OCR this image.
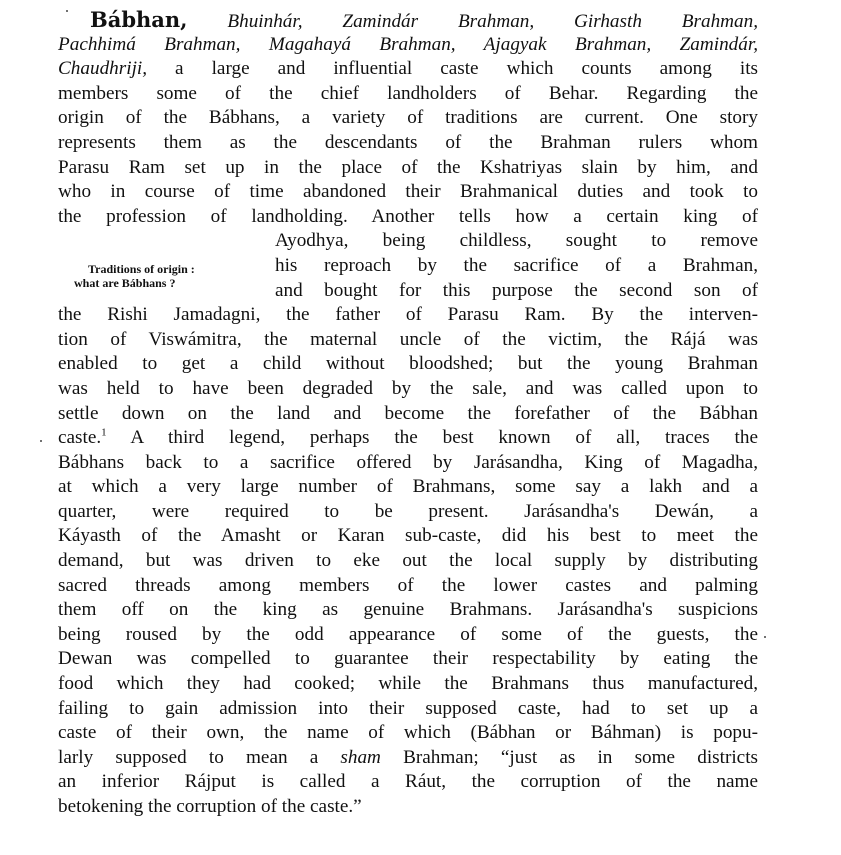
Bábhan, Bhuinhár, Zamindár Brahman, Girhasth Brahman,
Pachhimá Brahman, Magahayá Brahman, Ajagyak Brahman, Zamindár,
Chaudhriji, a large and influential caste which counts among its
members some of the chief landholders of Behar. Regarding the
origin of the Bábhans, a variety of traditions are current. One story
represents them as the descendants of the Brahman rulers whom
Parasu Ram set up in the place of the Kshatriyas slain by him, and
who in course of time abandoned their Brahmanical duties and took to
the profession of landholding. Another tells how a certain king of
Ayodhya, being childless, sought to remove
his reproach by the sacrifice of a Brahman,
and bought for this purpose the second son of
the Rishi Jamadagni, the father of Parasu Ram. By the interven-
tion of Viswámitra, the maternal uncle of the victim, the Rájá was
enabled to get a child without bloodshed; but the young Brahman
was held to have been degraded by the sale, and was called upon to
settle down on the land and become the forefather of the Bábhan
caste.$^1$ A third legend, perhaps the best known of all, traces the
Bábhans back to a sacrifice offered by Jarásandha, King of Magadha,
at which a very large number of Brahmans, some say a lakh and a
quarter, were required to be present. Jarásandha's Dewán, a
Káyasth of the Amasht or Karan sub-caste, did his best to meet the
demand, but was driven to eke out the local supply by distributing
sacred threads among members of the lower castes and palming
them off on the king as genuine Brahmans. Jarásandha's suspicions
being roused by the odd appearance of some of the guests, the
Dewan was compelled to guarantee their respectability by eating the
food which they had cooked; while the Brahmans thus manufactured,
failing to gain admission into their supposed caste, had to set up a
caste of their own, the name of which (Bábhan or Báhman) is popu-
larly supposed to mean a sham Brahman; “just as in some districts
an inferior Rájput is called a Ráut, the corruption of the name
betokening the corruption of the caste.”
Traditions of origin :
what are Bábhans ?
